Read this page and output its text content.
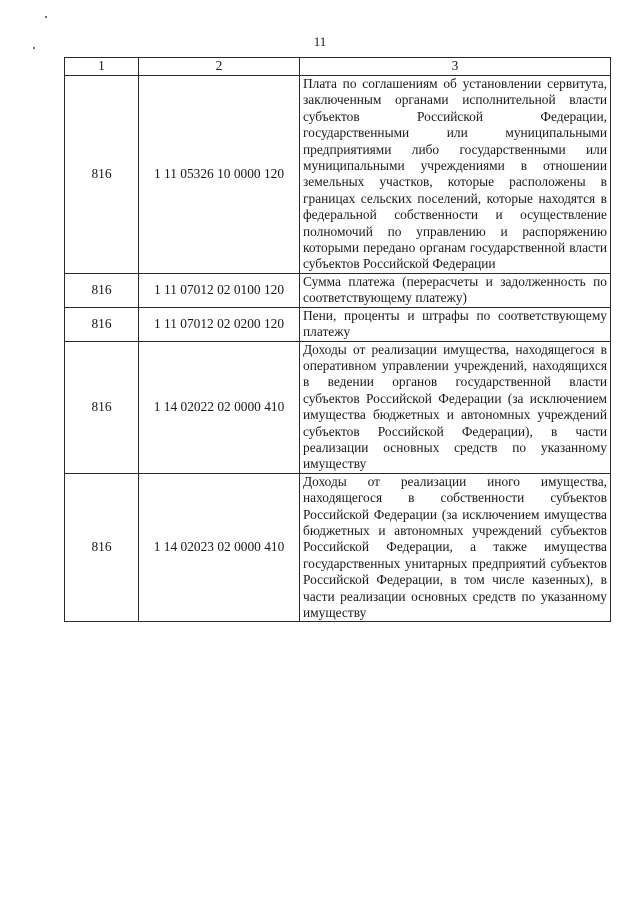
11
1	2	3
816	1 11 05326 10 0000 120	Плата по соглашениям об установлении сервитута, заключенным органами исполнительной власти субъектов Российской Федерации, государственными или муниципальными предприятиями либо государственными или муниципальными учреждениями в отношении земельных участков, которые расположены в границах сельских поселений, которые находятся в федеральной собственности и осуществление полномочий по управлению и распоряжению которыми передано органам государственной власти субъектов Российской Федерации
816	1 11 07012 02 0100 120	Сумма платежа (перерасчеты и задолженность по соответствующему платежу)
816	1 11 07012 02 0200 120	Пени, проценты и штрафы по соответствующему платежу
816	1 14 02022 02 0000 410	Доходы от реализации имущества, находящегося в оперативном управлении учреждений, находящихся в ведении органов государственной власти субъектов Российской Федерации (за исключением имущества бюджетных и автономных учреждений субъектов Российской Федерации), в части реализации основных средств по указанному имуществу
816	1 14 02023 02 0000 410	Доходы от реализации иного имущества, находящегося в собственности субъектов Российской Федерации (за исключением имущества бюджетных и автономных учреждений субъектов Российской Федерации, а также имущества государственных унитарных предприятий субъектов Российской Федерации, в том числе казенных), в части реализации основных средств по указанному имуществу
